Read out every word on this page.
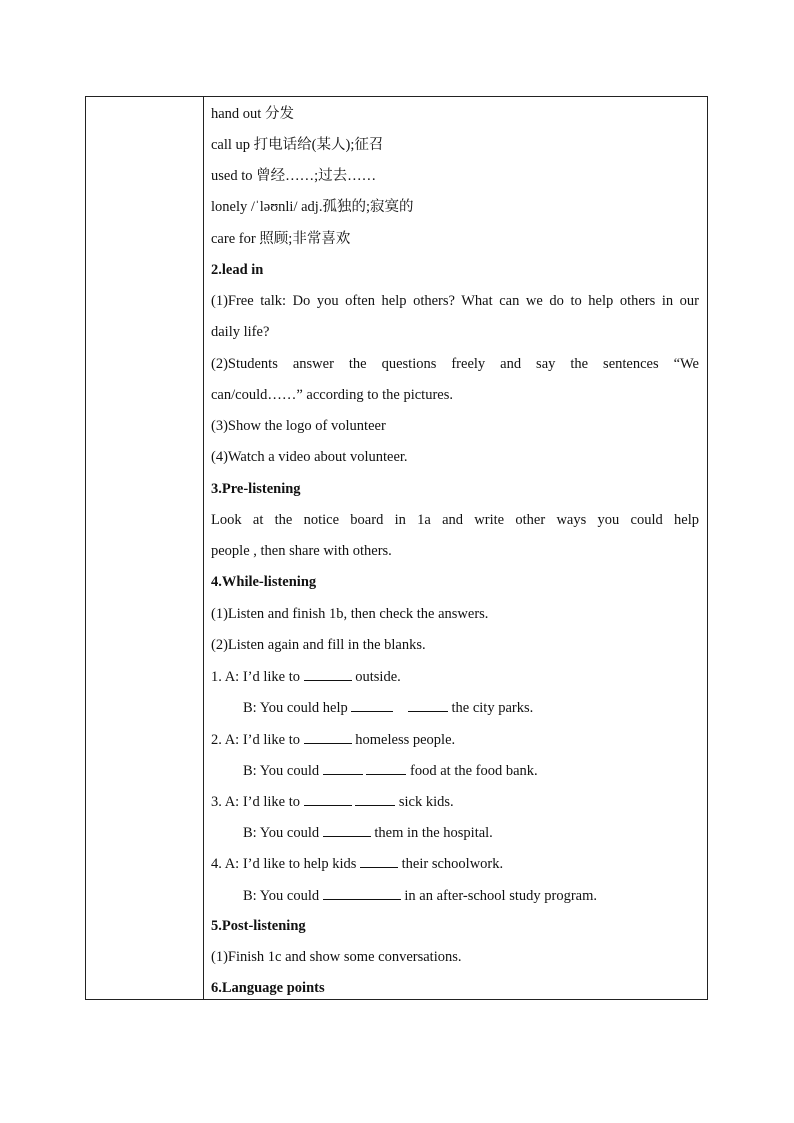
hand out 分发
call up 打电话给(某人);征召
used to 曾经……;过去……
lonely /ˈləʊnli/ adj.孤独的;寂寞的
care for 照顾;非常喜欢
2.lead in
(1)Free talk: Do you often help others? What can we do to help others in our
daily life?
(2)Students answer the questions freely and say the sentences “We
can/could……” according to the pictures.
(3)Show the logo of volunteer
(4)Watch a video about volunteer.
3.Pre-listening
Look at the notice board in 1a and write other ways you could help
people , then share with others.
4.While-listening
(1)Listen and finish 1b, then check the answers.
(2)Listen again and fill in the blanks.
1. A: I’d like to	outside.
B: You could help	the city parks.
2. A: I’d like to	homeless people.
B: You could	food at the food bank.
3. A: I’d like to	sick kids.
B: You could	them in the hospital.
4. A: I’d like to help kids	their schoolwork.
B: You could	in an after-school study program.
5.Post-listening
(1)Finish 1c and show some conversations.
6.Language points
